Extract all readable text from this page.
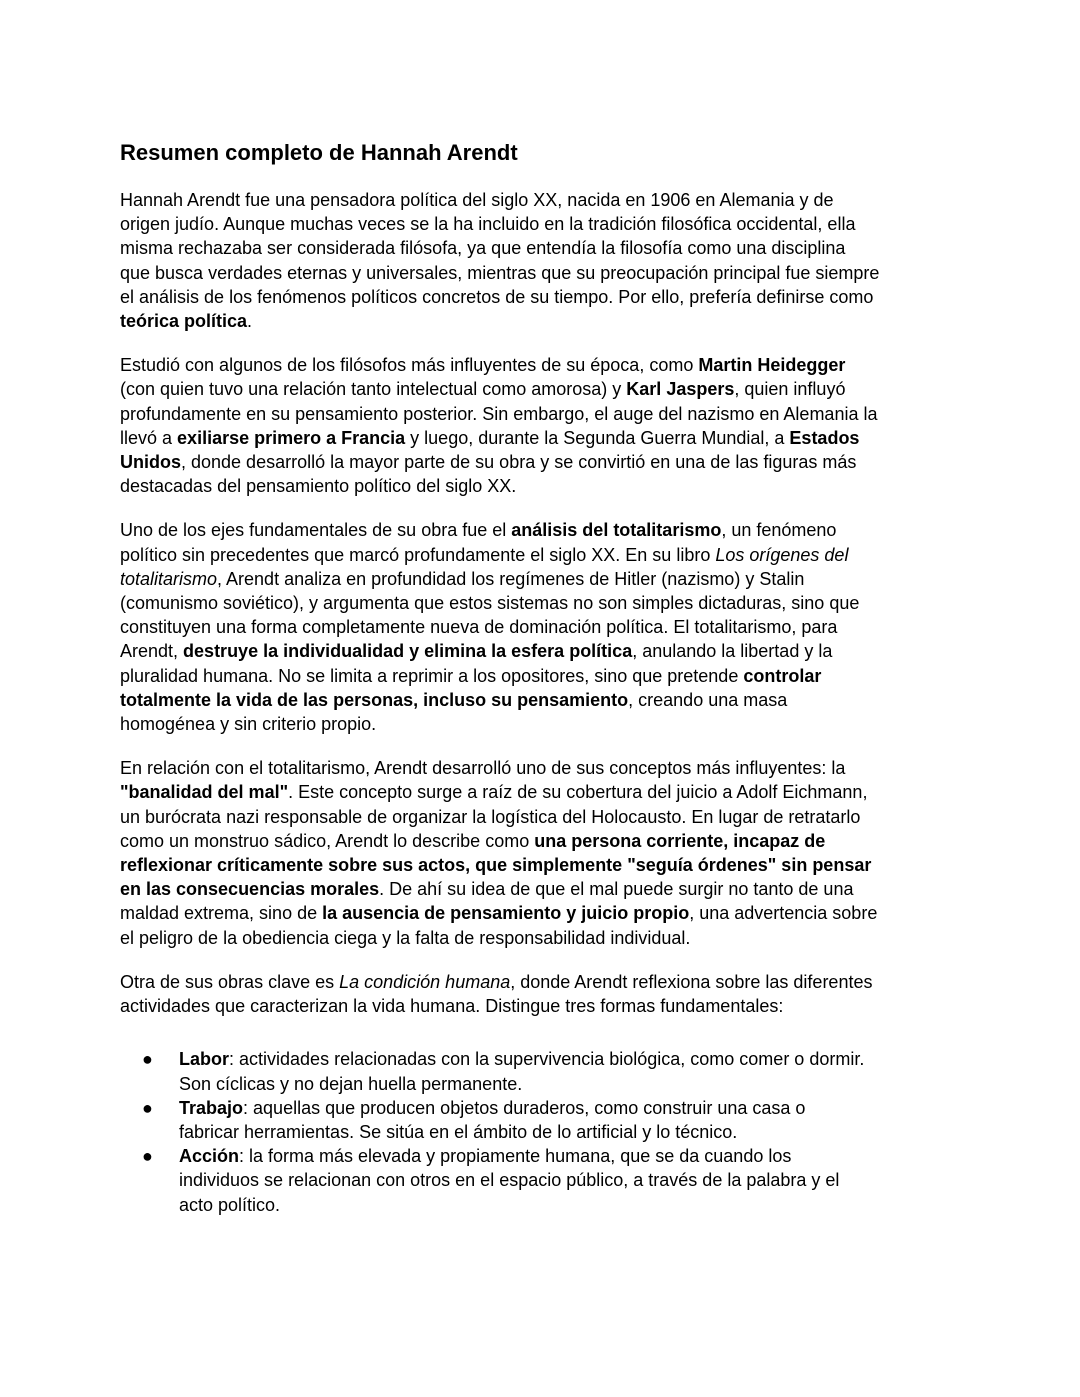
Resumen completo de Hannah Arendt

Hannah Arendt fue una pensadora política del siglo XX, nacida en 1906 en Alemania y de origen judío. Aunque muchas veces se la ha incluido en la tradición filosófica occidental, ella misma rechazaba ser considerada filósofa, ya que entendía la filosofía como una disciplina que busca verdades eternas y universales, mientras que su preocupación principal fue siempre el análisis de los fenómenos políticos concretos de su tiempo. Por ello, prefería definirse como teórica política.

Estudió con algunos de los filósofos más influyentes de su época, como Martin Heidegger (con quien tuvo una relación tanto intelectual como amorosa) y Karl Jaspers, quien influyó profundamente en su pensamiento posterior. Sin embargo, el auge del nazismo en Alemania la llevó a exiliarse primero a Francia y luego, durante la Segunda Guerra Mundial, a Estados Unidos, donde desarrolló la mayor parte de su obra y se convirtió en una de las figuras más destacadas del pensamiento político del siglo XX.

Uno de los ejes fundamentales de su obra fue el análisis del totalitarismo, un fenómeno político sin precedentes que marcó profundamente el siglo XX. En su libro Los orígenes del totalitarismo, Arendt analiza en profundidad los regímenes de Hitler (nazismo) y Stalin (comunismo soviético), y argumenta que estos sistemas no son simples dictaduras, sino que constituyen una forma completamente nueva de dominación política. El totalitarismo, para Arendt, destruye la individualidad y elimina la esfera política, anulando la libertad y la pluralidad humana. No se limita a reprimir a los opositores, sino que pretende controlar totalmente la vida de las personas, incluso su pensamiento, creando una masa homogénea y sin criterio propio.

En relación con el totalitarismo, Arendt desarrolló uno de sus conceptos más influyentes: la "banalidad del mal". Este concepto surge a raíz de su cobertura del juicio a Adolf Eichmann, un burócrata nazi responsable de organizar la logística del Holocausto. En lugar de retratarlo como un monstruo sádico, Arendt lo describe como una persona corriente, incapaz de reflexionar críticamente sobre sus actos, que simplemente "seguía órdenes" sin pensar en las consecuencias morales. De ahí su idea de que el mal puede surgir no tanto de una maldad extrema, sino de la ausencia de pensamiento y juicio propio, una advertencia sobre el peligro de la obediencia ciega y la falta de responsabilidad individual.

Otra de sus obras clave es La condición humana, donde Arendt reflexiona sobre las diferentes actividades que caracterizan la vida humana. Distingue tres formas fundamentales:

● Labor: actividades relacionadas con la supervivencia biológica, como comer o dormir. Son cíclicas y no dejan huella permanente.
● Trabajo: aquellas que producen objetos duraderos, como construir una casa o fabricar herramientas. Se sitúa en el ámbito de lo artificial y lo técnico.
● Acción: la forma más elevada y propiamente humana, que se da cuando los individuos se relacionan con otros en el espacio público, a través de la palabra y el acto político.
